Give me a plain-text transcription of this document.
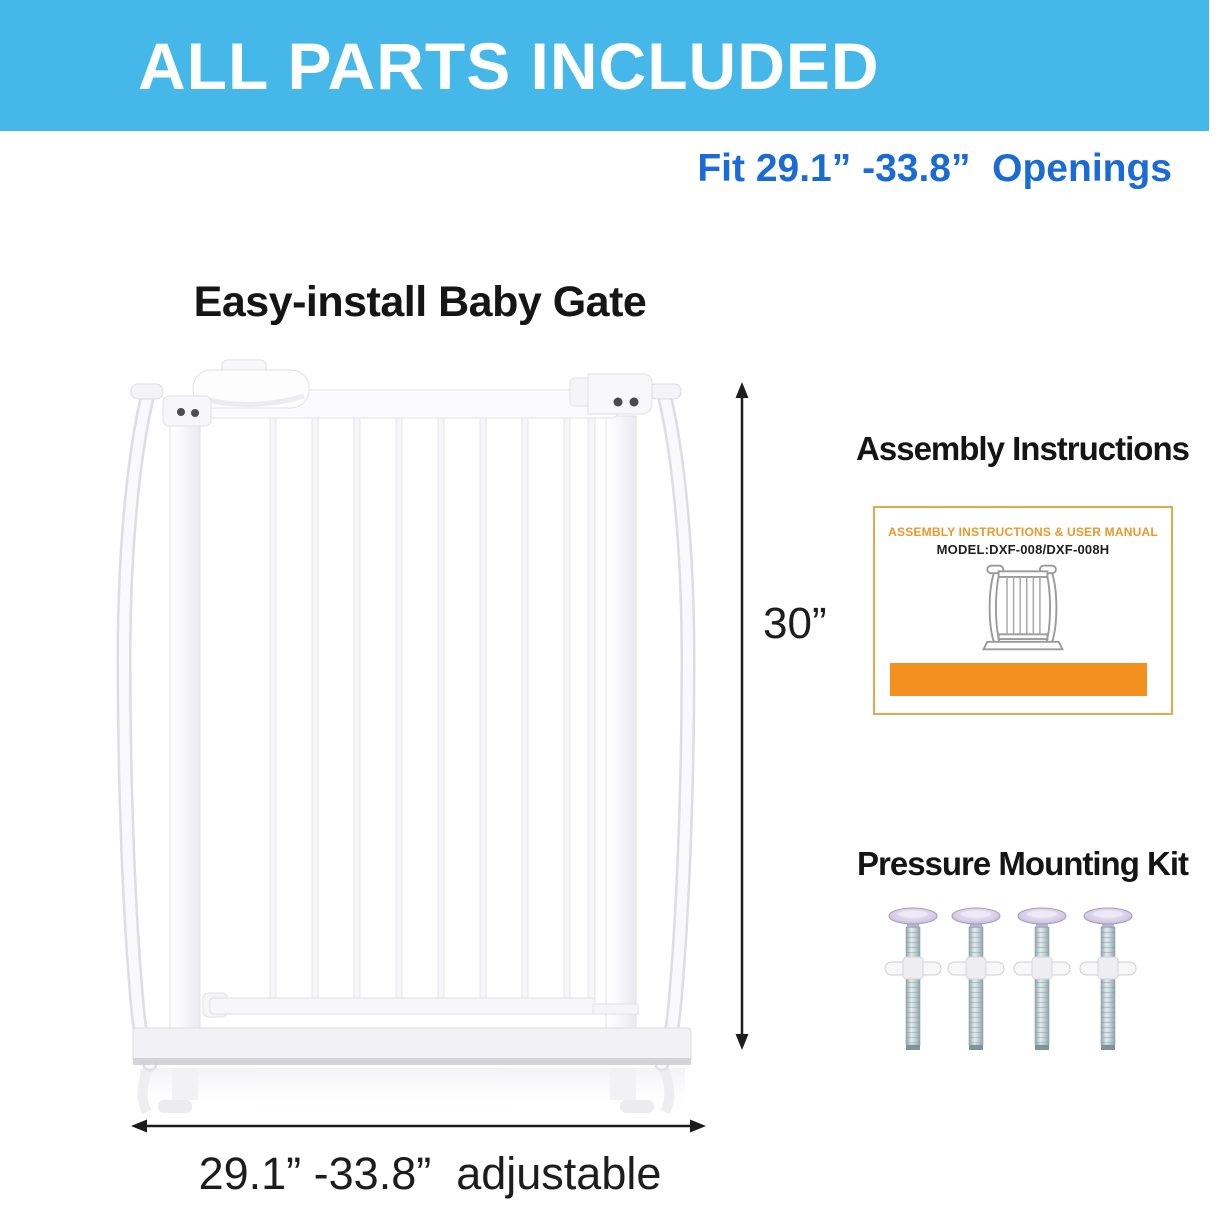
ALL PARTS INCLUDED
Fit 29.1” -33.8”  Openings
Easy-install Baby Gate
30”
29.1” -33.8”  adjustable
Assembly Instructions
ASSEMBLY INSTRUCTIONS & USER MANUAL
MODEL:DXF-008/DXF-008H
Pressure Mounting Kit
